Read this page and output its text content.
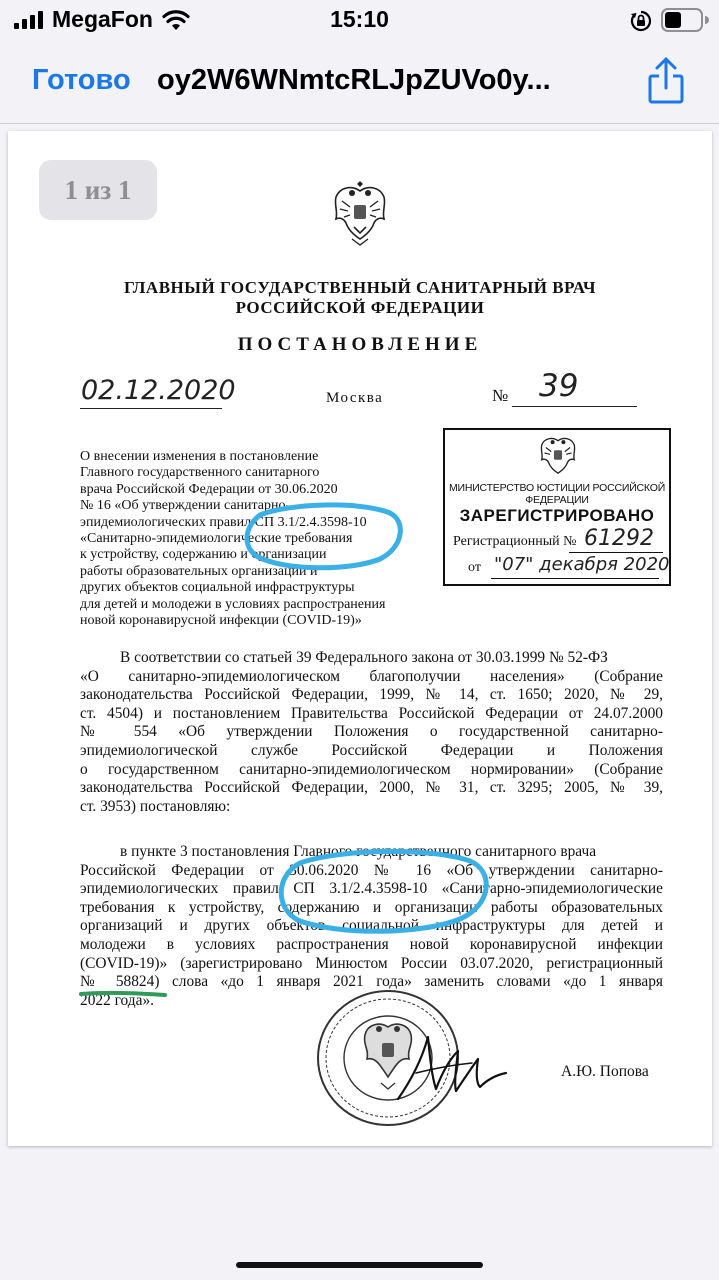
MegaFon	15:10
Готово oy2W6WNmtcRLJpZUVo0y...
1 из 1
ГЛАВНЫЙ ГОСУДАРСТВЕННЫЙ САНИТАРНЫЙ ВРАЧ
РОССИЙСКОЙ ФЕДЕРАЦИИ
ПОСТАНОВЛЕНИЕ
02.12.2020	Москва	№ 39
О внесении изменения в постановление
Главного государственного санитарного
врача Российской Федерации от 30.06.2020
№ 16 «Об утверждении санитарно-
эпидемиологических правил СП 3.1/2.4.3598-10
«Санитарно-эпидемиологические требования
к устройству, содержанию и организации
работы образовательных организаций и
других объектов социальной инфраструктуры
для детей и молодежи в условиях распространения
новой коронавирусной инфекции (COVID-19)»
МИНИСТЕРСТВО ЮСТИЦИИ РОССИЙСКОЙ ФЕДЕРАЦИИ
ЗАРЕГИСТРИРОВАНО
Регистрационный № 61292
от "07" декабря 2020
В соответствии со статьей 39 Федерального закона от 30.03.1999 № 52-ФЗ
«О санитарно-эпидемиологическом благополучии населения» (Собрание
законодательства Российской Федерации, 1999, № 14, ст. 1650; 2020, № 29,
ст. 4504) и постановлением Правительства Российской Федерации от 24.07.2000
№ 554 «Об утверждении Положения о государственной санитарно-
эпидемиологической службе Российской Федерации и Положения
о государственном санитарно-эпидемиологическом нормировании» (Собрание
законодательства Российской Федерации, 2000, № 31, ст. 3295; 2005, № 39,
ст. 3953) постановляю:
в пункте 3 постановления Главного государственного санитарного врача
Российской Федерации от 30.06.2020 № 16 «Об утверждении санитарно-
эпидемиологических правил СП 3.1/2.4.3598-10 «Санитарно-эпидемиологические
требования к устройству, содержанию и организации работы образовательных
организаций и других объектов социальной инфраструктуры для детей и
молодежи в условиях распространения новой коронавирусной инфекции
(COVID-19)» (зарегистрировано Минюстом России 03.07.2020, регистрационный
№ 58824) слова «до 1 января 2021 года» заменить словами «до 1 января
2022 года».
А.Ю. Попова
